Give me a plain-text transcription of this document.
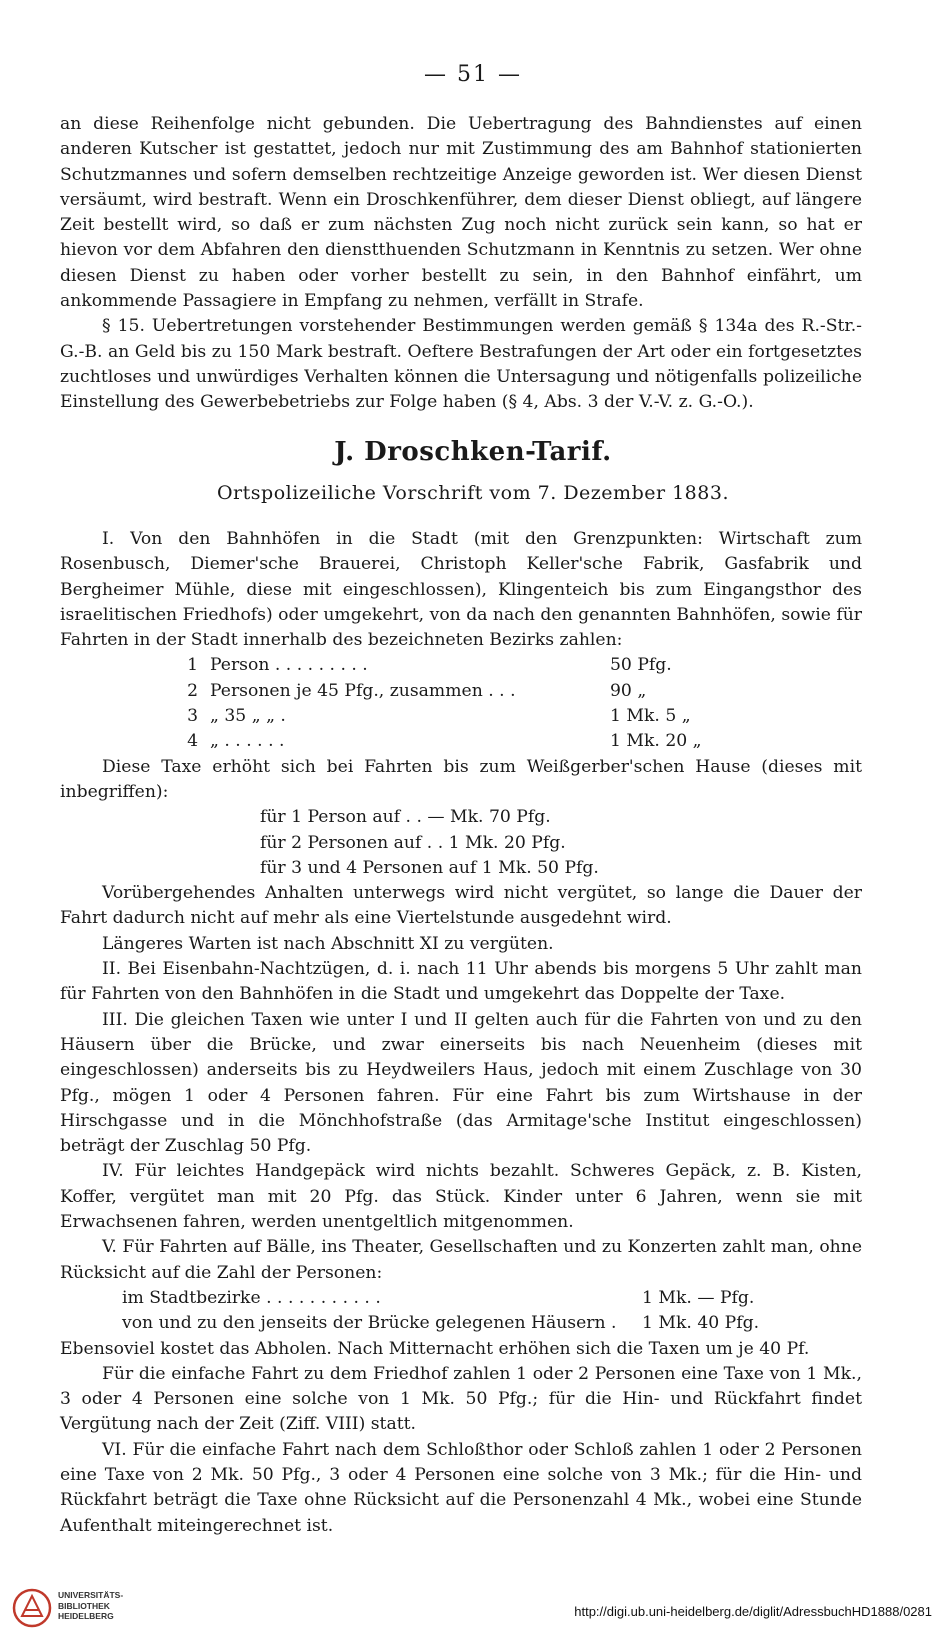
— 51 —

an diese Reihenfolge nicht gebunden. Die Uebertragung des Bahndienstes auf einen anderen Kutscher ist gestattet, jedoch nur mit Zustimmung des am Bahnhof stationierten Schutzmannes und sofern demselben rechtzeitige Anzeige geworden ist. Wer diesen Dienst versäumt, wird bestraft. Wenn ein Droschkenführer, dem dieser Dienst obliegt, auf längere Zeit bestellt wird, so daß er zum nächsten Zug noch nicht zurück sein kann, so hat er hievon vor dem Abfahren den dienstthuenden Schutzmann in Kenntnis zu setzen. Wer ohne diesen Dienst zu haben oder vorher bestellt zu sein, in den Bahnhof einfährt, um ankommende Passagiere in Empfang zu nehmen, verfällt in Strafe.

§ 15. Uebertretungen vorstehender Bestimmungen werden gemäß § 134a des R.-Str.-G.-B. an Geld bis zu 150 Mark bestraft. Oeftere Bestrafungen der Art oder ein fortgesetztes zuchtloses und unwürdiges Verhalten können die Untersagung und nötigenfalls polizeiliche Einstellung des Gewerbebetriebs zur Folge haben (§ 4, Abs. 3 der V.-V. z. G.-O.).

J. Droschken-Tarif.
Ortspolizeiliche Vorschrift vom 7. Dezember 1883.

I. Von den Bahnhöfen in die Stadt (mit den Grenzpunkten: Wirtschaft zum Rosenbusch, Diemer'sche Brauerei, Christoph Keller'sche Fabrik, Gasfabrik und Bergheimer Mühle, diese mit eingeschlossen), Klingenteich bis zum Eingangsthor des israelitischen Friedhofs) oder umgekehrt, von da nach den genannten Bahnhöfen, sowie für Fahrten in der Stadt innerhalb des bezeichneten Bezirks zahlen:

1 Person . . . . . . . . .	50 Pfg.
2 Personen je 45 Pfg., zusammen . . .	90 „
3 „ 35 „ „ .	1 Mk. 5 „
4 „ . . . . . .	1 Mk. 20 „

Diese Taxe erhöht sich bei Fahrten bis zum Weißgerber'schen Hause (dieses mit inbegriffen):

für 1 Person auf . . — Mk. 70 Pfg.
für 2 Personen auf . . 1 Mk. 20 Pfg.
für 3 und 4 Personen auf 1 Mk. 50 Pfg.

Vorübergehendes Anhalten unterwegs wird nicht vergütet, so lange die Dauer der Fahrt dadurch nicht auf mehr als eine Viertelstunde ausgedehnt wird.

Längeres Warten ist nach Abschnitt XI zu vergüten.

II. Bei Eisenbahn-Nachtzügen, d. i. nach 11 Uhr abends bis morgens 5 Uhr zahlt man für Fahrten von den Bahnhöfen in die Stadt und umgekehrt das Doppelte der Taxe.

III. Die gleichen Taxen wie unter I und II gelten auch für die Fahrten von und zu den Häusern über die Brücke, und zwar einerseits bis nach Neuenheim (dieses mit eingeschlossen) anderseits bis zu Heydweilers Haus, jedoch mit einem Zuschlage von 30 Pfg., mögen 1 oder 4 Personen fahren. Für eine Fahrt bis zum Wirtshause in der Hirschgasse und in die Mönchhofstraße (das Armitage'sche Institut eingeschlossen) beträgt der Zuschlag 50 Pfg.

IV. Für leichtes Handgepäck wird nichts bezahlt. Schweres Gepäck, z. B. Kisten, Koffer, vergütet man mit 20 Pfg. das Stück. Kinder unter 6 Jahren, wenn sie mit Erwachsenen fahren, werden unentgeltlich mitgenommen.

V. Für Fahrten auf Bälle, ins Theater, Gesellschaften und zu Konzerten zahlt man, ohne Rücksicht auf die Zahl der Personen:

im Stadtbezirke . . . . . . . . . . .	1 Mk. — Pfg.
von und zu den jenseits der Brücke gelegenen Häusern .	1 Mk. 40 Pfg.

Ebensoviel kostet das Abholen. Nach Mitternacht erhöhen sich die Taxen um je 40 Pf.

Für die einfache Fahrt zu dem Friedhof zahlen 1 oder 2 Personen eine Taxe von 1 Mk., 3 oder 4 Personen eine solche von 1 Mk. 50 Pfg.; für die Hin- und Rückfahrt findet Vergütung nach der Zeit (Ziff. VIII) statt.

VI. Für die einfache Fahrt nach dem Schloßthor oder Schloß zahlen 1 oder 2 Personen eine Taxe von 2 Mk. 50 Pfg., 3 oder 4 Personen eine solche von 3 Mk.; für die Hin- und Rückfahrt beträgt die Taxe ohne Rücksicht auf die Personenzahl 4 Mk., wobei eine Stunde Aufenthalt miteingerechnet ist.

UNIVERSITÄTS-
BIBLIOTHEK
HEIDELBERG	http://digi.ub.uni-heidelberg.de/diglit/AdressbuchHD1888/0281
